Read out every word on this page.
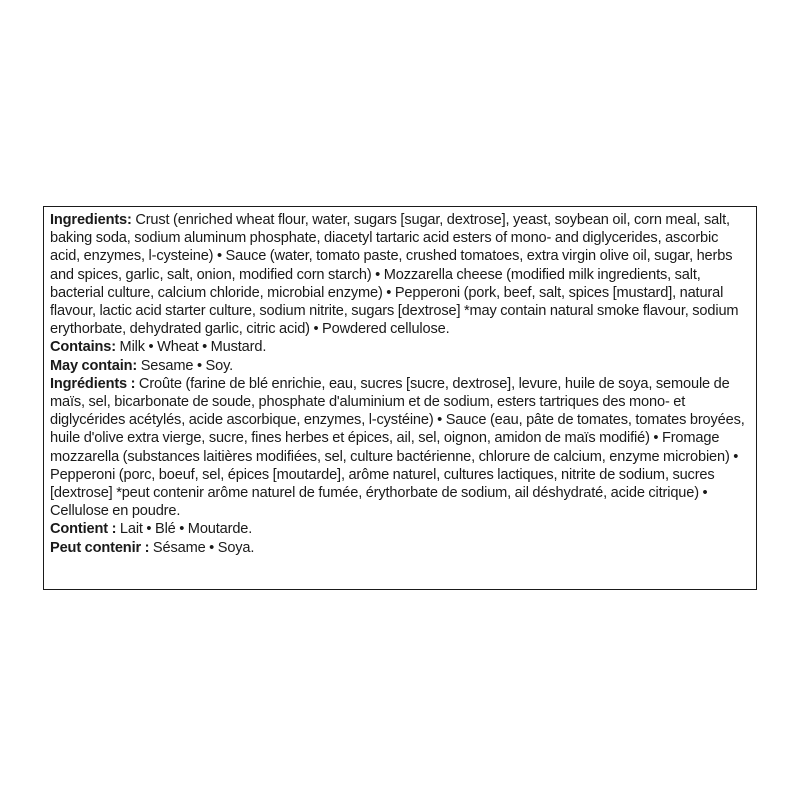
Ingredients: Crust (enriched wheat flour, water, sugars [sugar, dextrose], yeast, soybean oil, corn meal, salt, baking soda, sodium aluminum phosphate, diacetyl tartaric acid esters of mono- and diglycerides, ascorbic acid, enzymes, l-cysteine) • Sauce (water, tomato paste, crushed tomatoes, extra virgin olive oil, sugar, herbs and spices, garlic, salt, onion, modified corn starch) • Mozzarella cheese (modified milk ingredients, salt, bacterial culture, calcium chloride, microbial enzyme) • Pepperoni (pork, beef, salt, spices [mustard], natural flavour, lactic acid starter culture, sodium nitrite, sugars [dextrose] *may contain natural smoke flavour, sodium erythorbate, dehydrated garlic, citric acid) • Powdered cellulose.

Contains: Milk • Wheat • Mustard.

May contain: Sesame • Soy.

Ingrédients : Croûte (farine de blé enrichie, eau, sucres [sucre, dextrose], levure, huile de soya, semoule de maïs, sel, bicarbonate de soude, phosphate d'aluminium et de sodium, esters tartriques des mono- et diglycérides acétylés, acide ascorbique, enzymes, l-cystéine) • Sauce (eau, pâte de tomates, tomates broyées, huile d'olive extra vierge, sucre, fines herbes et épices, ail, sel, oignon, amidon de maïs modifié) • Fromage mozzarella (substances laitières modifiées, sel, culture bactérienne, chlorure de calcium, enzyme microbien) • Pepperoni (porc, boeuf, sel, épices [moutarde], arôme naturel, cultures lactiques, nitrite de sodium, sucres [dextrose] *peut contenir arôme naturel de fumée, érythorbate de sodium, ail déshydraté, acide citrique) • Cellulose en poudre.

Contient : Lait • Blé • Moutarde.

Peut contenir : Sésame • Soya.
